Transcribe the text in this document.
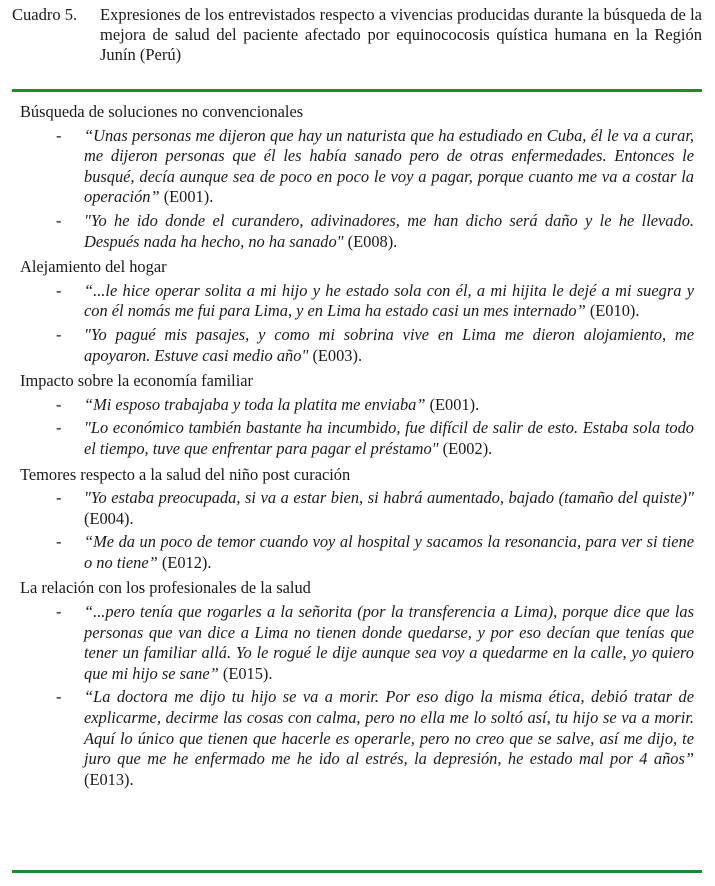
Cuadro 5. Expresiones de los entrevistados respecto a vivencias producidas durante la búsqueda de la mejora de salud del paciente afectado por equinococosis quística humana en la Región Junín (Perú)
Búsqueda de soluciones no convencionales
- “Unas personas me dijeron que hay un naturista que ha estudiado en Cuba, él le va a curar, me dijeron personas que él les había sanado pero de otras enfermedades. Entonces le busqué, decía aunque sea de poco en poco le voy a pagar, porque cuanto me va a costar la operación” (E001).
- "Yo he ido donde el curandero, adivinadores, me han dicho será daño y le he llevado. Después nada ha hecho, no ha sanado" (E008).
Alejamiento del hogar
- “...le hice operar solita a mi hijo y he estado sola con él, a mi hijita le dejé a mi suegra y con él nomás me fui para Lima, y en Lima ha estado casi un mes internado” (E010).
- "Yo pagué mis pasajes, y como mi sobrina vive en Lima me dieron alojamiento, me apoyaron. Estuve casi medio año" (E003).
Impacto sobre la economía familiar
- “Mi esposo trabajaba y toda la platita me enviaba” (E001).
- "Lo económico también bastante ha incumbido, fue difícil de salir de esto. Estaba sola todo el tiempo, tuve que enfrentar para pagar el préstamo" (E002).
Temores respecto a la salud del niño post curación
- "Yo estaba preocupada, si va a estar bien, si habrá aumentado, bajado (tamaño del quiste)" (E004).
- “Me da un poco de temor cuando voy al hospital y sacamos la resonancia, para ver si tiene o no tiene” (E012).
La relación con los profesionales de la salud
- “...pero tenía que rogarles a la señorita (por la transferencia a Lima), porque dice que las personas que van dice a Lima no tienen donde quedarse, y por eso decían que tenías que tener un familiar allá. Yo le rogué le dije aunque sea voy a quedarme en la calle, yo quiero que mi hijo se sane” (E015).
- “La doctora me dijo tu hijo se va a morir. Por eso digo la misma ética, debió tratar de explicarme, decirme las cosas con calma, pero no ella me lo soltó así, tu hijo se va a morir. Aquí lo único que tienen que hacerle es operarle, pero no creo que se salve, así me dijo, te juro que me he enfermado me he ido al estrés, la depresión, he estado mal por 4 años” (E013).
